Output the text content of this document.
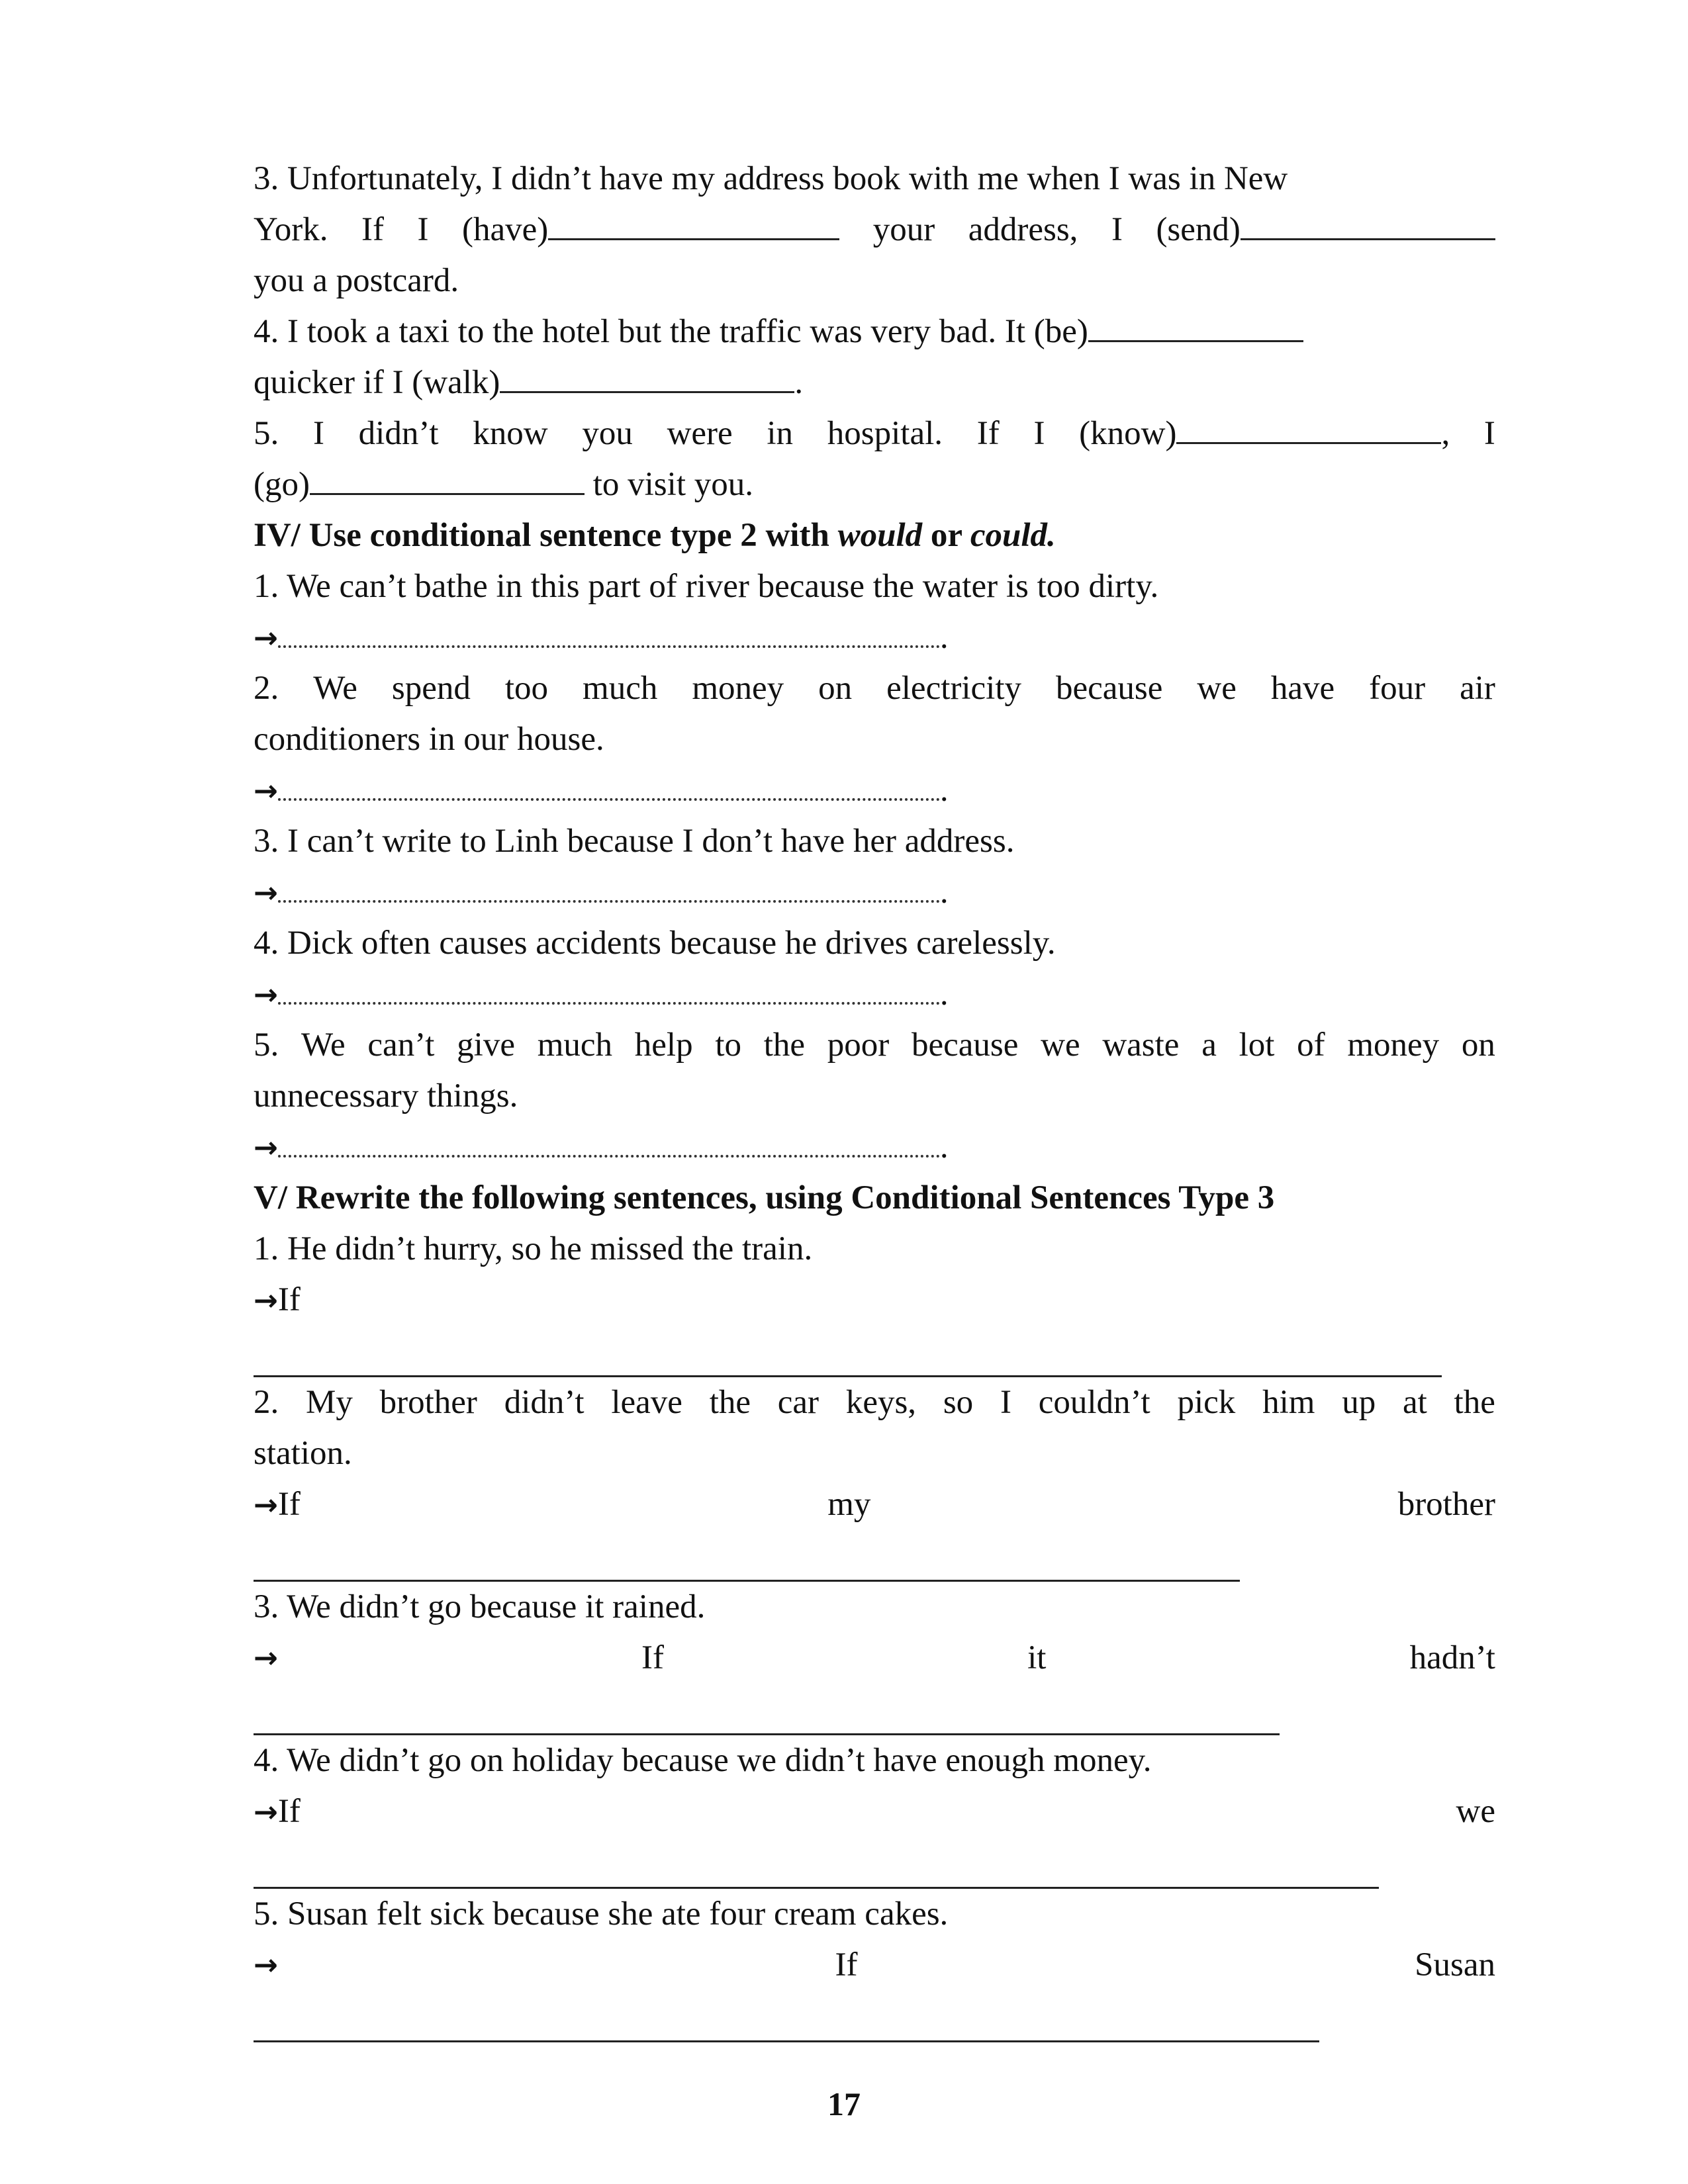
3. Unfortunately, I didn’t have my address book with me when I was in New
York. If I (have)	your address, I (send)
you a postcard.
4. I took a taxi to the hotel but the traffic was very bad. It (be)
quicker if I (walk)	.
5. I didn’t know you were in hospital. If I (know)	, I
(go)	to visit you.
IV/ Use conditional sentence type 2 with would or could.
1. We can’t bathe in this part of river because the water is too dirty.
→	.
2. We spend too much money on electricity because we have four air
conditioners in our house.
→	.
3. I can’t write to Linh because I don’t have her address.
→	.
4. Dick often causes accidents because he drives carelessly.
→	.
5. We can’t give much help to the poor because we waste a lot of money on
unnecessary things.
→	.
V/ Rewrite the following sentences, using Conditional Sentences Type 3
1. He didn’t hurry, so he missed the train.
→If
2. My brother didn’t leave the car keys, so I couldn’t pick him up at the
station.
→If	my	brother
3. We didn’t go because it rained.
→	If	it	hadn’t
4. We didn’t go on holiday because we didn’t have enough money.
→If	we
5. Susan felt sick because she ate four cream cakes.
→	If	Susan
17
